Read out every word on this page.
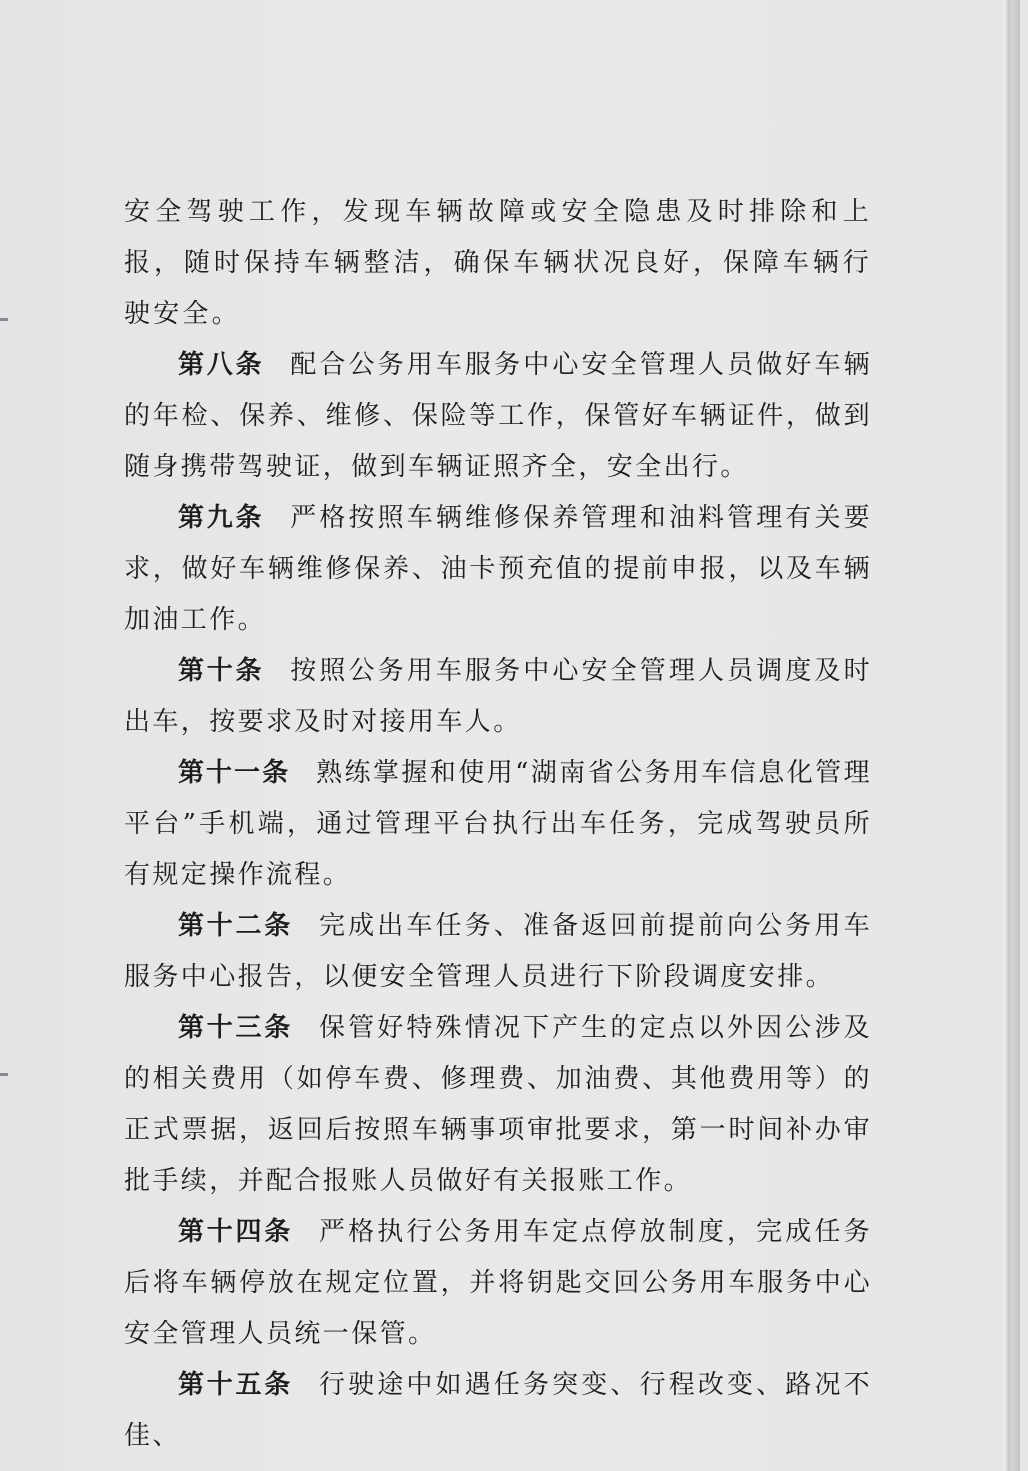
安全驾驶工作，发现车辆故障或安全隐患及时排除和上报，随时保持车辆整洁，确保车辆状况良好，保障车辆行驶安全。

第八条 配合公务用车服务中心安全管理人员做好车辆的年检、保养、维修、保险等工作，保管好车辆证件，做到随身携带驾驶证，做到车辆证照齐全，安全出行。

第九条 严格按照车辆维修保养管理和油料管理有关要求，做好车辆维修保养、油卡预充值的提前申报，以及车辆加油工作。

第十条 按照公务用车服务中心安全管理人员调度及时出车，按要求及时对接用车人。

第十一条 熟练掌握和使用“湖南省公务用车信息化管理平台”手机端，通过管理平台执行出车任务，完成驾驶员所有规定操作流程。

第十二条 完成出车任务、准备返回前提前向公务用车服务中心报告，以便安全管理人员进行下阶段调度安排。

第十三条 保管好特殊情况下产生的定点以外因公涉及的相关费用（如停车费、修理费、加油费、其他费用等）的正式票据，返回后按照车辆事项审批要求，第一时间补办审批手续，并配合报账人员做好有关报账工作。

第十四条 严格执行公务用车定点停放制度，完成任务后将车辆停放在规定位置，并将钥匙交回公务用车服务中心安全管理人员统一保管。

第十五条 行驶途中如遇任务突变、行程改变、路况不佳、
